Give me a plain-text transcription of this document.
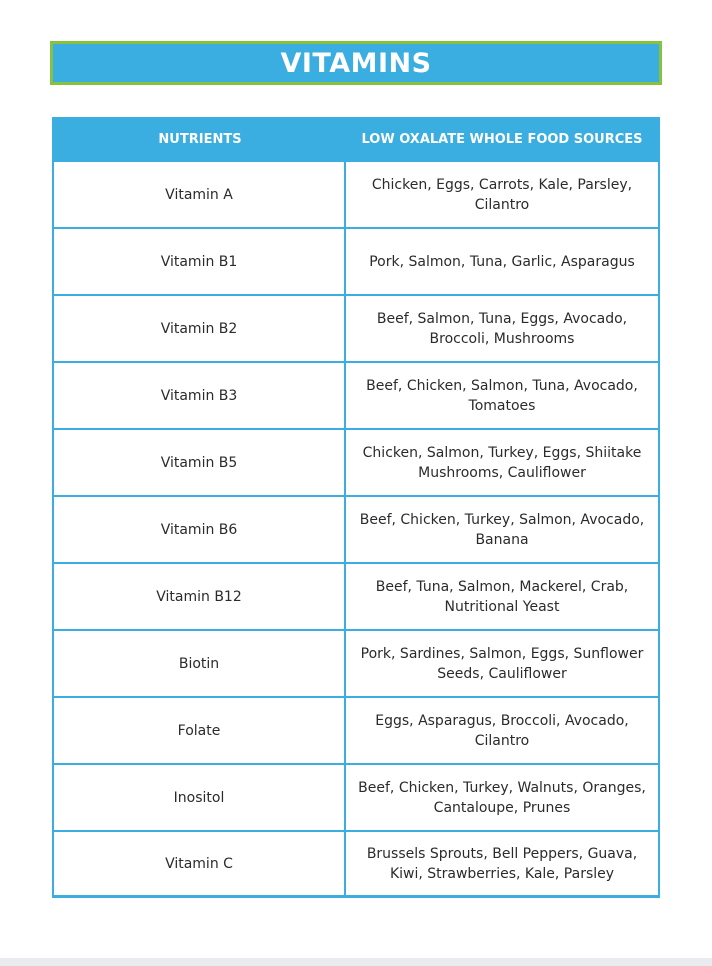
VITAMINS
NUTRIENTS	LOW OXALATE WHOLE FOOD SOURCES
Vitamin A
Chicken, Eggs, Carrots, Kale, Parsley, Cilantro
Vitamin B1	Pork, Salmon, Tuna, Garlic, Asparagus
Vitamin B2
Beef, Salmon, Tuna, Eggs, Avocado, Broccoli, Mushrooms
Vitamin B3
Beef, Chicken, Salmon, Tuna, Avocado, Tomatoes
Vitamin B5
Chicken, Salmon, Turkey, Eggs, Shiitake Mushrooms, Cauliflower
Vitamin B6
Beef, Chicken, Turkey, Salmon, Avocado, Banana
Vitamin B12
Beef, Tuna, Salmon, Mackerel, Crab, Nutritional Yeast
Biotin
Pork, Sardines, Salmon, Eggs, Sunflower Seeds, Cauliflower
Folate
Eggs, Asparagus, Broccoli, Avocado, Cilantro
Inositol
Beef, Chicken, Turkey, Walnuts, Oranges, Cantaloupe, Prunes
Vitamin C
Brussels Sprouts, Bell Peppers, Guava, Kiwi, Strawberries, Kale, Parsley
